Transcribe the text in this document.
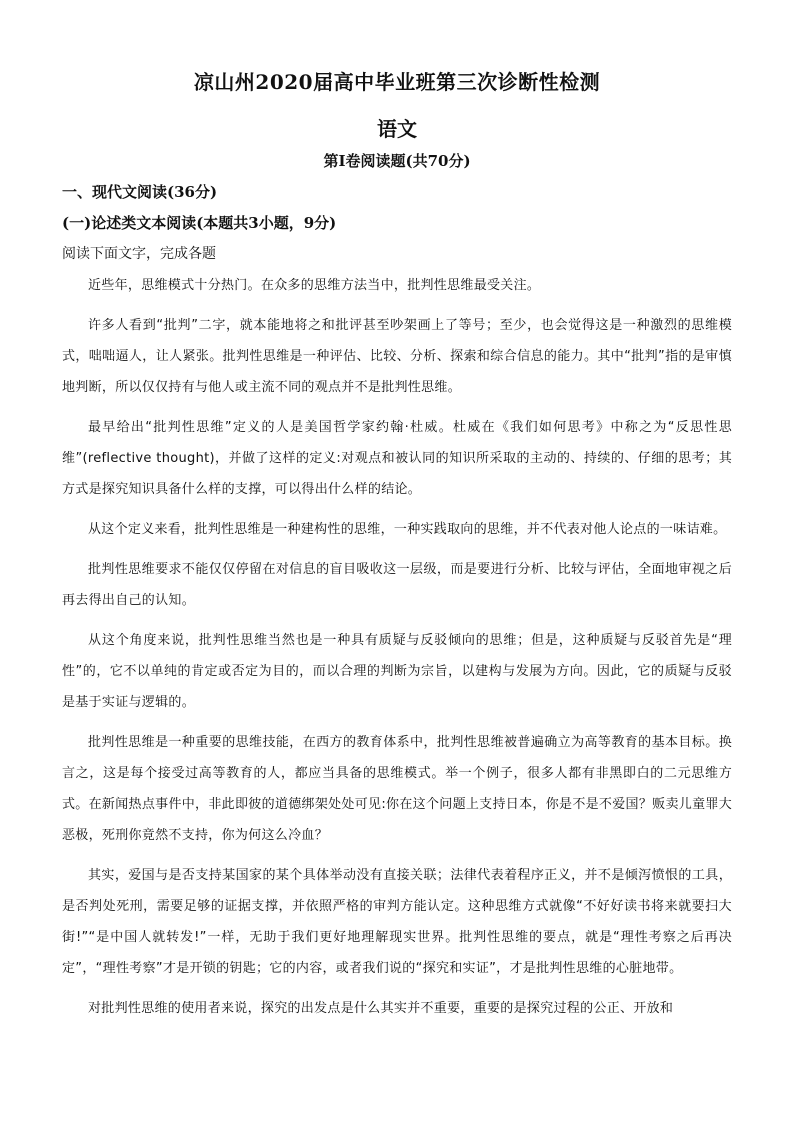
凉山州2020届高中毕业班第三次诊断性检测
语文
第I卷阅读题(共70分)
一、现代文阅读(36分)
(一)论述类文本阅读(本题共3小题，9分)
阅读下面文字，完成各题

近些年，思维模式十分热门。在众多的思维方法当中，批判性思维最受关注。

许多人看到“批判”二字，就本能地将之和批评甚至吵架画上了等号；至少，也会觉得这是一种激烈的思维模式，咄咄逼人，让人紧张。批判性思维是一种评估、比较、分析、探索和综合信息的能力。其中“批判”指的是审慎地判断，所以仅仅持有与他人或主流不同的观点并不是批判性思维。

最早给出“批判性思维”定义的人是美国哲学家约翰·杜威。杜威在《我们如何思考》中称之为“反思性思维”(reflective thought)，并做了这样的定义:对观点和被认同的知识所采取的主动的、持续的、仔细的思考；其方式是探究知识具备什么样的支撑，可以得出什么样的结论。

从这个定义来看，批判性思维是一种建构性的思维，一种实践取向的思维，并不代表对他人论点的一味诘难。

批判性思维要求不能仅仅停留在对信息的盲目吸收这一层级，而是要进行分析、比较与评估，全面地审视之后再去得出自己的认知。

从这个角度来说，批判性思维当然也是一种具有质疑与反驳倾向的思维；但是，这种质疑与反驳首先是“理性”的，它不以单纯的肯定或否定为目的，而以合理的判断为宗旨，以建构与发展为方向。因此，它的质疑与反驳是基于实证与逻辑的。

批判性思维是一种重要的思维技能，在西方的教育体系中，批判性思维被普遍确立为高等教育的基本目标。换言之，这是每个接受过高等教育的人，都应当具备的思维模式。举一个例子，很多人都有非黑即白的二元思维方式。在新闻热点事件中，非此即彼的道德绑架处处可见:你在这个问题上支持日本，你是不是不爱国？贩卖儿童罪大恶极，死刑你竟然不支持，你为何这么冷血？

其实，爱国与是否支持某国家的某个具体举动没有直接关联；法律代表着程序正义，并不是倾泻愤恨的工具，是否判处死刑，需要足够的证据支撑，并依照严格的审判方能认定。这种思维方式就像“不好好读书将来就要扫大街!”“是中国人就转发!”一样，无助于我们更好地理解现实世界。批判性思维的要点，就是“理性考察之后再决定”，“理性考察”才是开锁的钥匙；它的内容，或者我们说的“探究和实证”，才是批判性思维的心脏地带。

对批判性思维的使用者来说，探究的出发点是什么其实并不重要，重要的是探究过程的公正、开放和
